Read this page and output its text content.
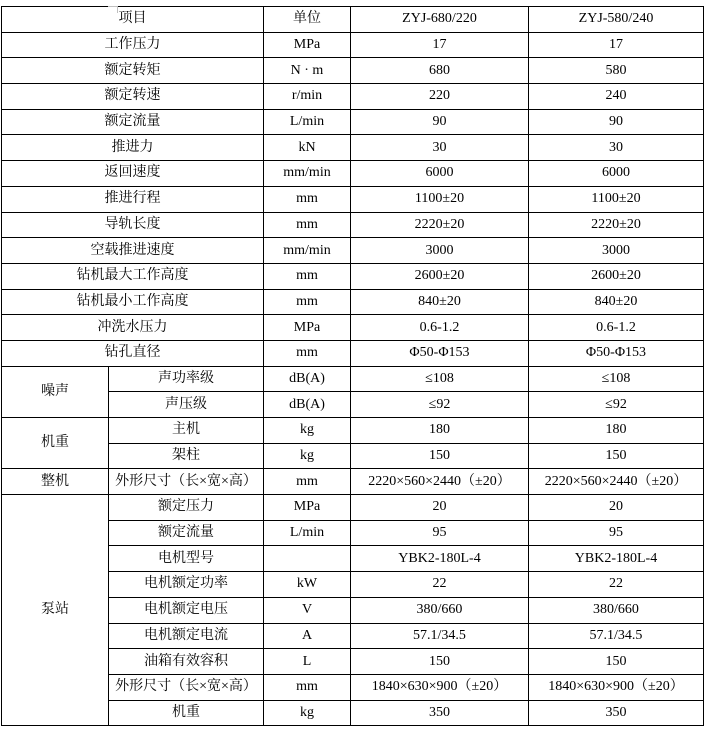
项目		单位	ZYJ-680/220	ZYJ-580/240
工作压力		MPa	17	17
额定转矩		N · m	680	580
额定转速		r/min	220	240
额定流量		L/min	90	90
推进力		kN	30	30
返回速度		mm/min	6000	6000
推进行程		mm	1100±20	1100±20
导轨长度		mm	2220±20	2220±20
空载推进速度		mm/min	3000	3000
钻机最大工作高度		mm	2600±20	2600±20
钻机最小工作高度		mm	840±20	840±20
冲洗水压力		MPa	0.6-1.2	0.6-1.2
钻孔直径		mm	Φ50-Φ153	Φ50-Φ153
噪声	声功率级	dB(A)	≤108	≤108
	声压级	dB(A)	≤92	≤92
机重	主机	kg	180	180
	架柱	kg	150	150
整机	外形尺寸（长×宽×高）	mm	2220×560×2440（±20）	2220×560×2440（±20）
泵站	额定压力	MPa	20	20
	额定流量	L/min	95	95
	电机型号		YBK2-180L-4	YBK2-180L-4
	电机额定功率	kW	22	22
	电机额定电压	V	380/660	380/660
	电机额定电流	A	57.1/34.5	57.1/34.5
	油箱有效容积	L	150	150
	外形尺寸（长×宽×高）	mm	1840×630×900（±20）	1840×630×900（±20）
	机重	kg	350	350
